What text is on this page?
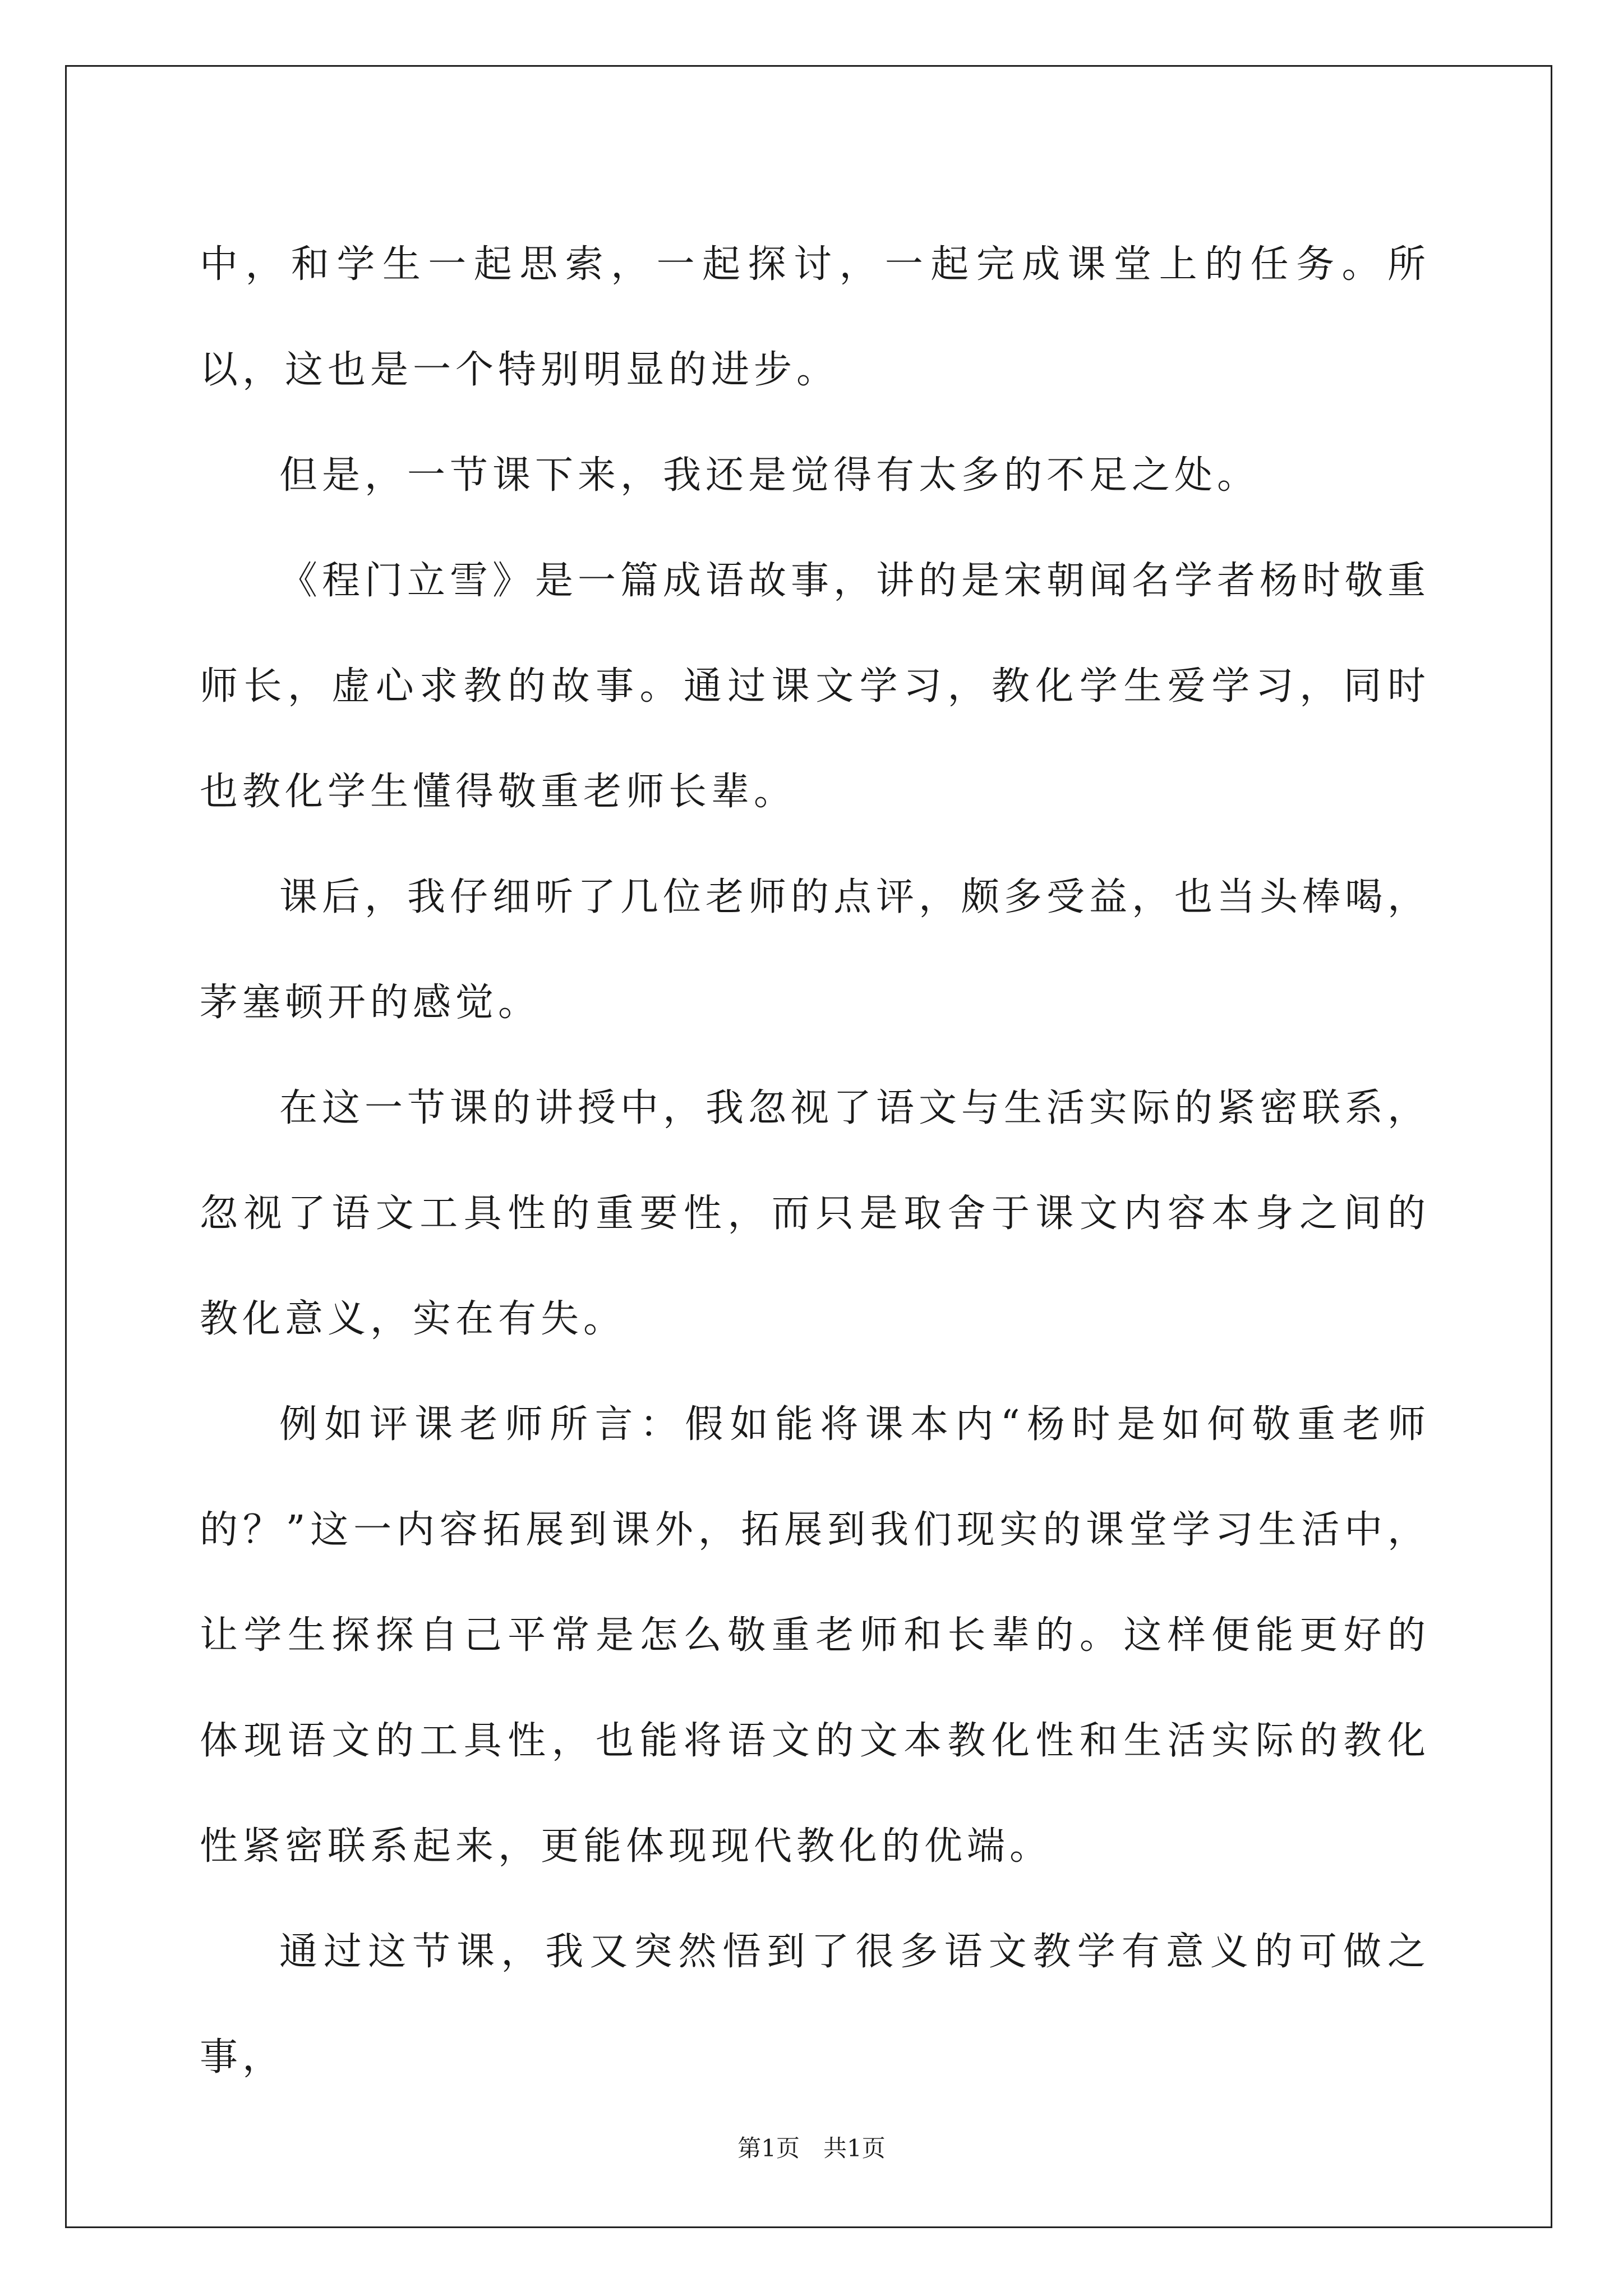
中，和学生一起思索，一起探讨，一起完成课堂上的任务。所以，这也是一个特别明显的进步。

但是，一节课下来，我还是觉得有太多的不足之处。

《程门立雪》是一篇成语故事，讲的是宋朝闻名学者杨时敬重师长，虚心求教的故事。通过课文学习，教化学生爱学习，同时也教化学生懂得敬重老师长辈。

课后，我仔细听了几位老师的点评，颇多受益，也当头棒喝，茅塞顿开的感觉。

在这一节课的讲授中，我忽视了语文与生活实际的紧密联系，忽视了语文工具性的重要性，而只是取舍于课文内容本身之间的教化意义，实在有失。

例如评课老师所言：假如能将课本内“杨时是如何敬重老师的？”这一内容拓展到课外，拓展到我们现实的课堂学习生活中，让学生探探自己平常是怎么敬重老师和长辈的。这样便能更好的体现语文的工具性，也能将语文的文本教化性和生活实际的教化性紧密联系起来，更能体现现代教化的优端。

通过这节课，我又突然悟到了很多语文教学有意义的可做之事，

第1页　共1页
